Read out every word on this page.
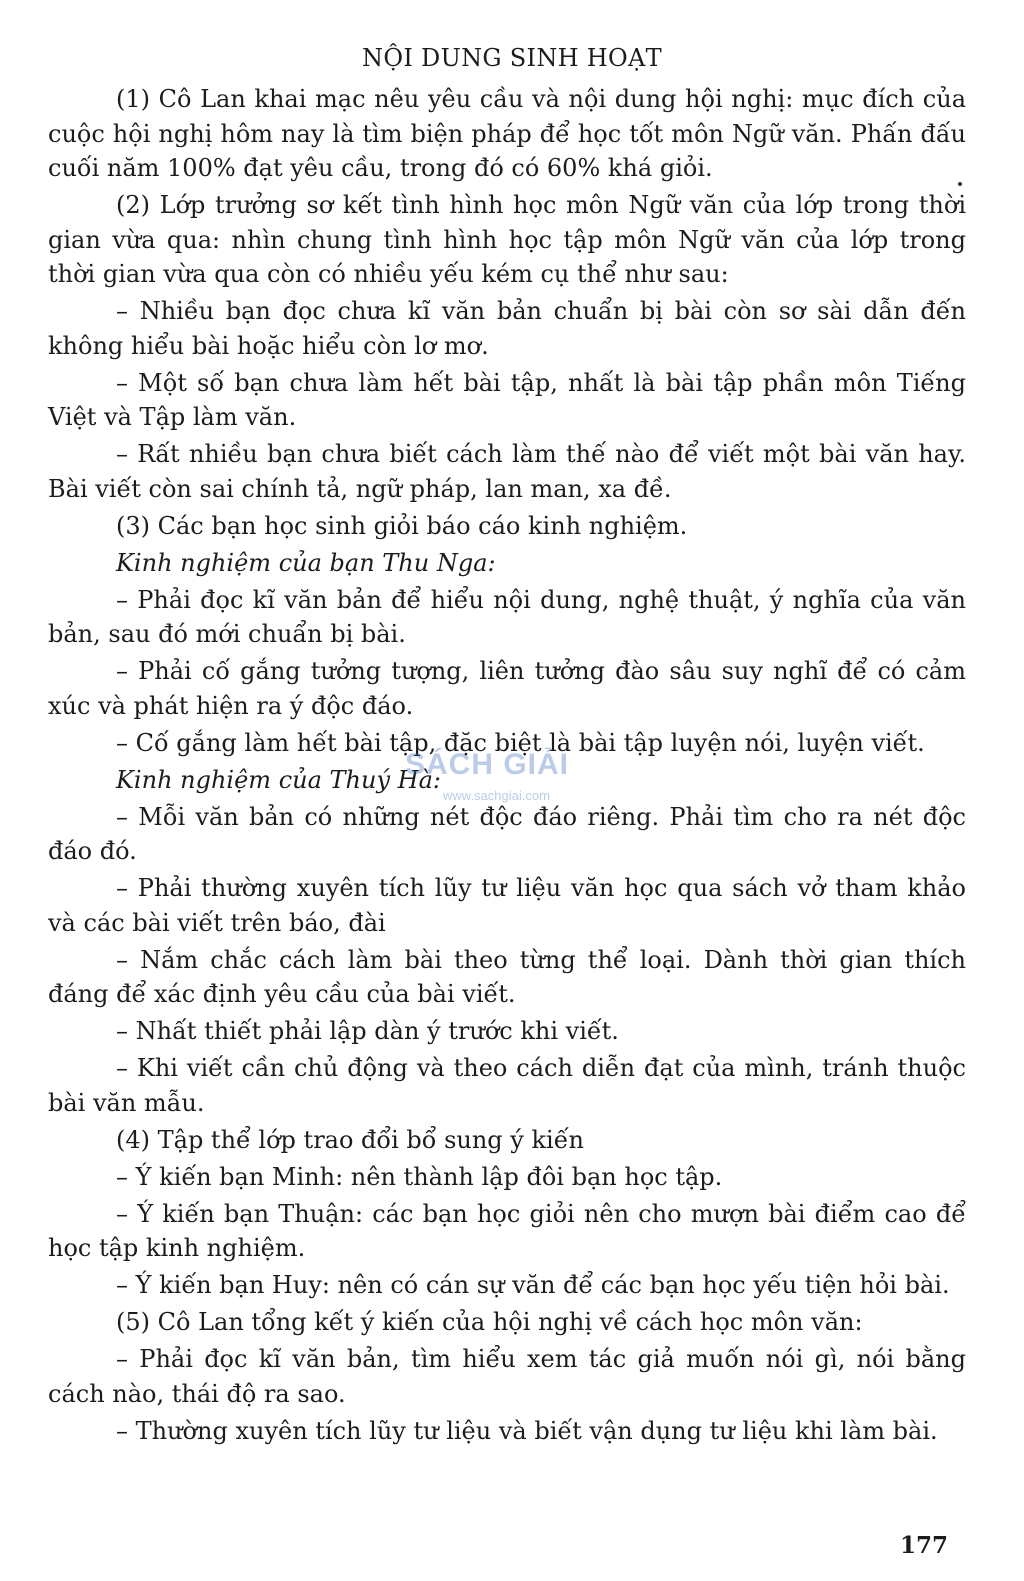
NỘI DUNG SINH HOẠT

(1) Cô Lan khai mạc nêu yêu cầu và nội dung hội nghị: mục đích của cuộc hội nghị hôm nay là tìm biện pháp để học tốt môn Ngữ văn. Phấn đấu cuối năm 100% đạt yêu cầu, trong đó có 60% khá giỏi.

(2) Lớp trưởng sơ kết tình hình học môn Ngữ văn của lớp trong thời gian vừa qua: nhìn chung tình hình học tập môn Ngữ văn của lớp trong thời gian vừa qua còn có nhiều yếu kém cụ thể như sau:

– Nhiều bạn đọc chưa kĩ văn bản chuẩn bị bài còn sơ sài dẫn đến không hiểu bài hoặc hiểu còn lơ mơ.

– Một số bạn chưa làm hết bài tập, nhất là bài tập phần môn Tiếng Việt và Tập làm văn.

– Rất nhiều bạn chưa biết cách làm thế nào để viết một bài văn hay. Bài viết còn sai chính tả, ngữ pháp, lan man, xa đề.

(3) Các bạn học sinh giỏi báo cáo kinh nghiệm.

Kinh nghiệm của bạn Thu Nga:

– Phải đọc kĩ văn bản để hiểu nội dung, nghệ thuật, ý nghĩa của văn bản, sau đó mới chuẩn bị bài.

– Phải cố gắng tưởng tượng, liên tưởng đào sâu suy nghĩ để có cảm xúc và phát hiện ra ý độc đáo.

– Cố gắng làm hết bài tập, đặc biệt là bài tập luyện nói, luyện viết.

Kinh nghiệm của Thuý Hà:

– Mỗi văn bản có những nét độc đáo riêng. Phải tìm cho ra nét độc đáo đó.

– Phải thường xuyên tích lũy tư liệu văn học qua sách vở tham khảo và các bài viết trên báo, đài

– Nắm chắc cách làm bài theo từng thể loại. Dành thời gian thích đáng để xác định yêu cầu của bài viết.

– Nhất thiết phải lập dàn ý trước khi viết.

– Khi viết cần chủ động và theo cách diễn đạt của mình, tránh thuộc bài văn mẫu.

(4) Tập thể lớp trao đổi bổ sung ý kiến

– Ý kiến bạn Minh: nên thành lập đôi bạn học tập.

– Ý kiến bạn Thuận: các bạn học giỏi nên cho mượn bài điểm cao để học tập kinh nghiệm.

– Ý kiến bạn Huy: nên có cán sự văn để các bạn học yếu tiện hỏi bài.

(5) Cô Lan tổng kết ý kiến của hội nghị về cách học môn văn:

– Phải đọc kĩ văn bản, tìm hiểu xem tác giả muốn nói gì, nói bằng cách nào, thái độ ra sao.

– Thường xuyên tích lũy tư liệu và biết vận dụng tư liệu khi làm bài.

SÁCH GIẢI
www.sachgiai.com
177
